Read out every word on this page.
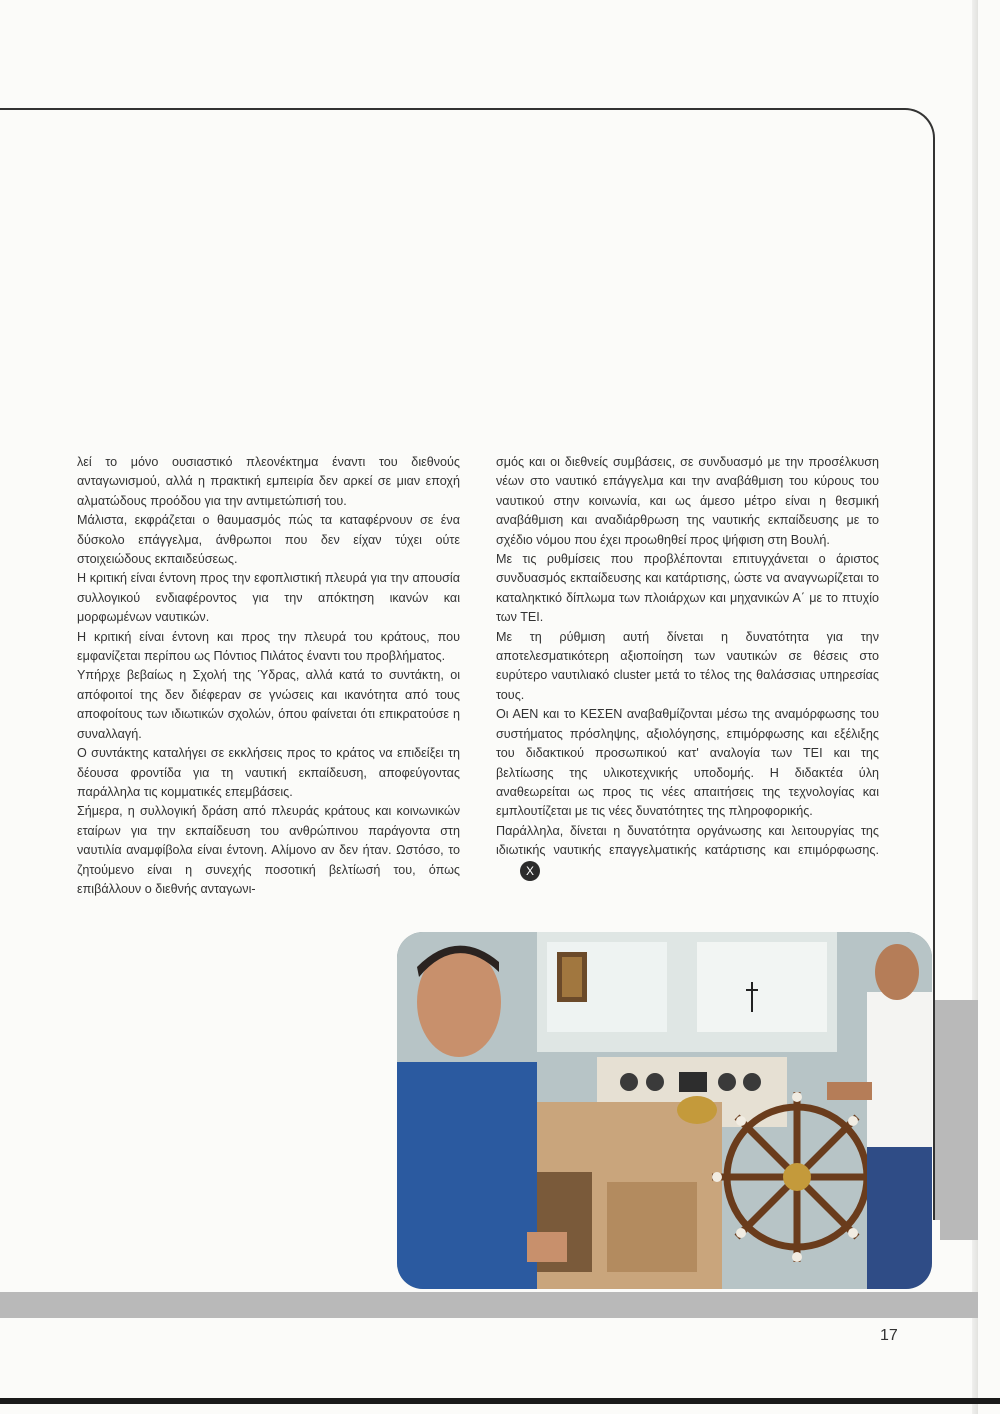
λεί το μόνο ουσιαστικό πλεονέκτημα έναντι του διεθνούς ανταγωνισμού, αλλά η πρακτική εμπειρία δεν αρκεί σε μιαν εποχή αλματώδους προόδου για την αντιμετώπισή του.

Μάλιστα, εκφράζεται ο θαυμασμός πώς τα καταφέρνουν σε ένα δύσκολο επάγγελμα, άνθρωποι που δεν είχαν τύχει ούτε στοιχειώδους εκπαιδεύσεως.

Η κριτική είναι έντονη προς την εφοπλιστική πλευρά για την απουσία συλλογικού ενδιαφέροντος για την απόκτηση ικανών και μορφωμένων ναυτικών.

Η κριτική είναι έντονη και προς την πλευρά του κράτους, που εμφανίζεται περίπου ως Πόντιος Πιλάτος έναντι του προβλήματος.

Υπήρχε βεβαίως η Σχολή της Ύδρας, αλλά κατά το συντάκτη, οι απόφοιτοί της δεν διέφεραν σε γνώσεις και ικανότητα από τους αποφοίτους των ιδιωτικών σχολών, όπου φαίνεται ότι επικρατούσε η συναλλαγή.

Ο συντάκτης καταλήγει σε εκκλήσεις προς το κράτος να επιδείξει τη δέουσα φροντίδα για τη ναυτική εκπαίδευση, αποφεύγοντας παράλληλα τις κομματικές επεμβάσεις.

Σήμερα, η συλλογική δράση από πλευράς κράτους και κοινωνικών εταίρων για την εκπαίδευση του ανθρώπινου παράγοντα στη ναυτιλία αναμφίβολα είναι έντονη. Αλίμονο αν δεν ήταν. Ωστόσο, το ζητούμενο είναι η συνεχής ποσοτική βελτίωσή του, όπως επιβάλλουν ο διεθνής ανταγωνι-

σμός και οι διεθνείς συμβάσεις, σε συνδυασμό με την προσέλκυση νέων στο ναυτικό επάγγελμα και την αναβάθμιση του κύρους του ναυτικού στην κοινωνία, και ως άμεσο μέτρο είναι η θεσμική αναβάθμιση και αναδιάρθρωση της ναυτικής εκπαίδευσης με το σχέδιο νόμου που έχει προωθηθεί προς ψήφιση στη Βουλή.

Με τις ρυθμίσεις που προβλέπονται επιτυγχάνεται ο άριστος συνδυασμός εκπαίδευσης και κατάρτισης, ώστε να αναγνωρίζεται το καταληκτικό δίπλωμα των πλοιάρχων και μηχανικών Α΄ με το πτυχίο των ΤΕΙ.

Με τη ρύθμιση αυτή δίνεται η δυνατότητα για την αποτελεσματικότερη αξιοποίηση των ναυτικών σε θέσεις στο ευρύτερο ναυτιλιακό cluster μετά το τέλος της θαλάσσιας υπηρεσίας τους.

Οι ΑΕΝ και το ΚΕΣΕΝ αναβαθμίζονται μέσω της αναμόρφωσης του συστήματος πρόσληψης, αξιολόγησης, επιμόρφωσης και εξέλιξης του διδακτικού προσωπικού κατ' αναλογία των ΤΕΙ και της βελτίωσης της υλικοτεχνικής υποδομής. Η διδακτέα ύλη αναθεωρείται ως προς τις νέες απαιτήσεις της τεχνολογίας και εμπλουτίζεται με τις νέες δυνατότητες της πληροφορικής.

Παράλληλα, δίνεται η δυνατότητα οργάνωσης και λειτουργίας της ιδιωτικής ναυτικής επαγγελματικής κατάρτισης και επιμόρφωσης.X

17
